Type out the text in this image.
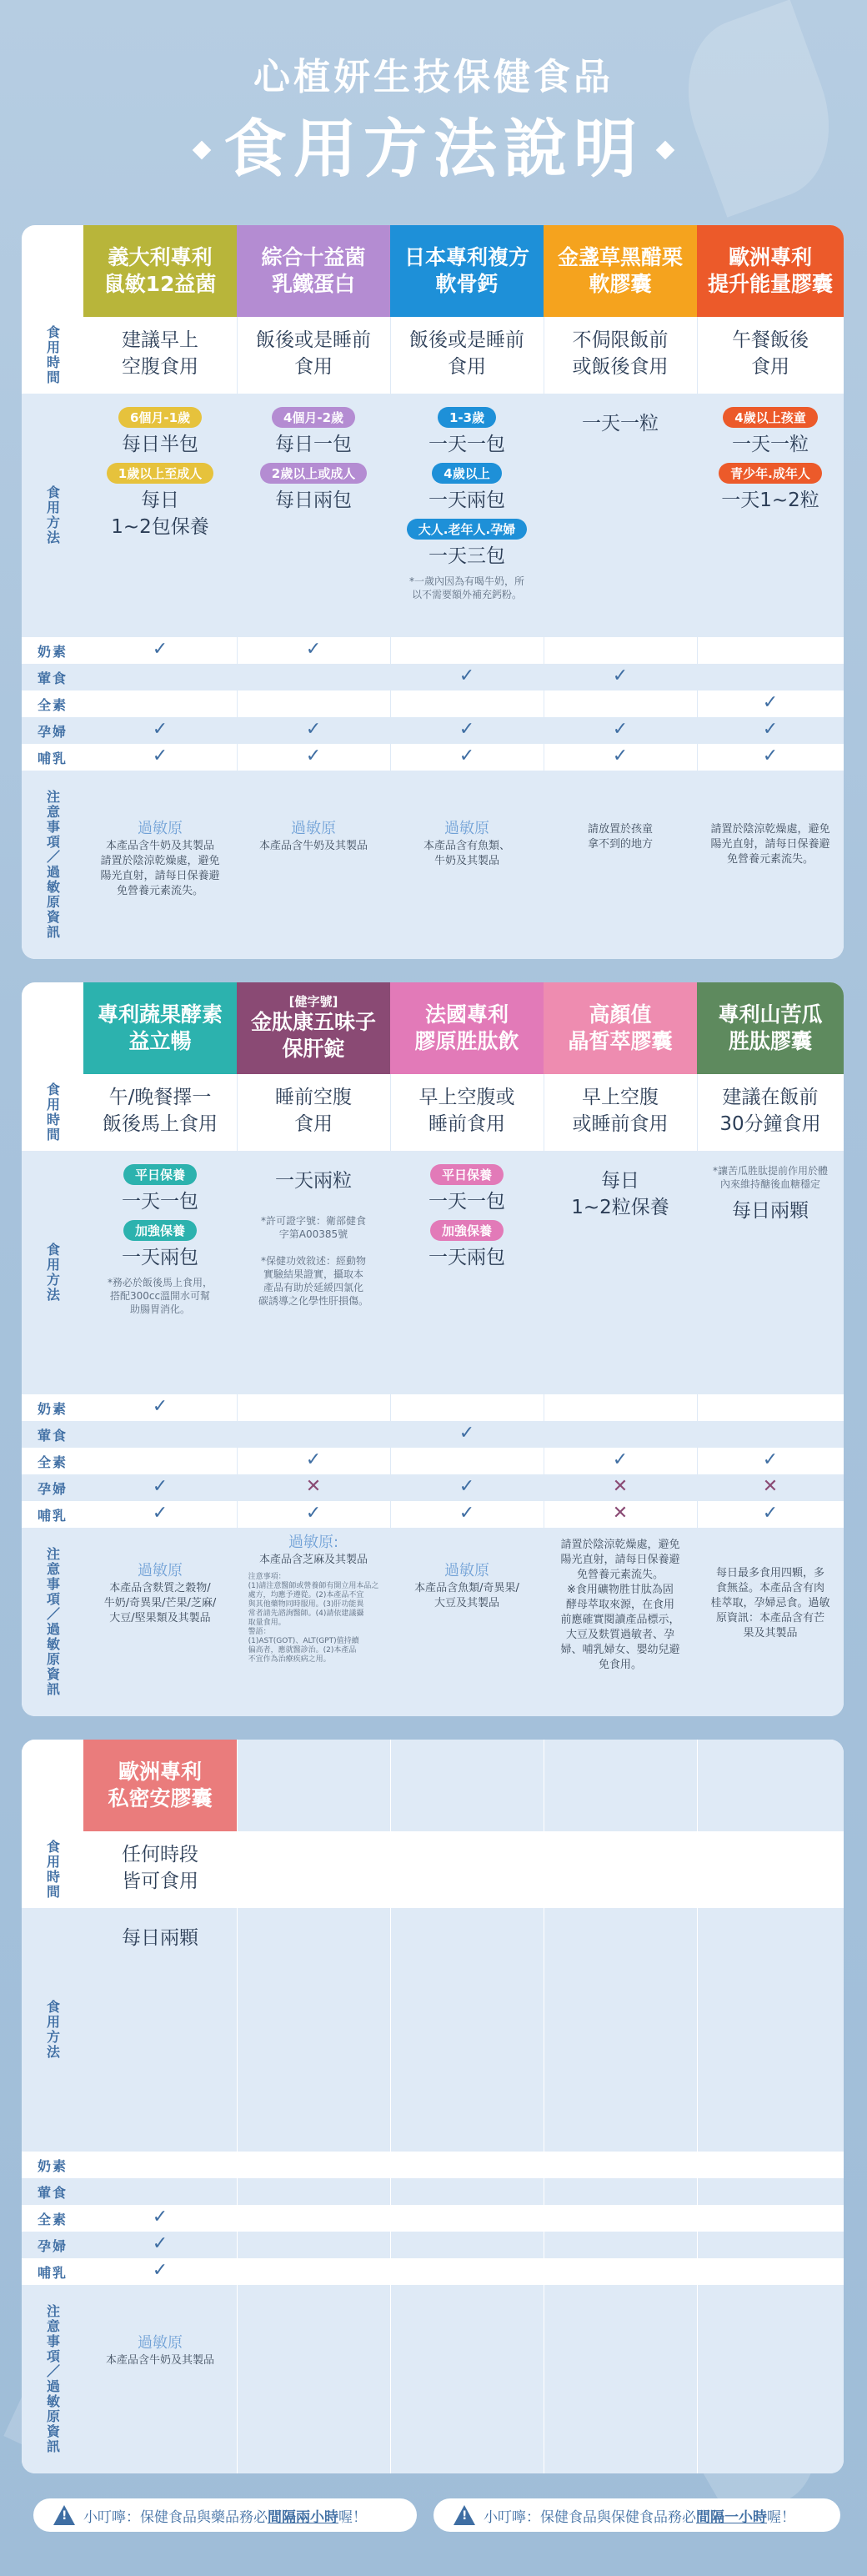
心植妍生技保健食品
食用方法說明
食用時間
食用方法
奶素
葷食
全素
孕婦
哺乳
注意事項／過敏原資訊
義大利專利
鼠敏12益菌
綜合十益菌
乳鐵蛋白
日本專利複方
軟骨鈣
金盞草黑醋栗
軟膠囊
歐洲專利
提升能量膠囊
建議早上
空腹食用
飯後或是睡前
食用
飯後或是睡前
食用
不侷限飯前
或飯後食用
午餐飯後
食用
6個月-1歲
每日半包
1歲以上至成人
每日
1~2包保養
4個月-2歲
每日一包
2歲以上或成人
每日兩包
1-3歲
一天一包
4歲以上
一天兩包
大人.老年人.孕婦
一天三包
*一歲內因為有喝牛奶，所
以不需要額外補充鈣粉。
一天一粒	4歲以上孩童
一天一粒
青少年.成年人
一天1~2粒
✓	✓
✓	✓
✓
✓	✓	✓	✓	✓
✓	✓	✓	✓	✓
過敏原
本產品含牛奶及其製品
請置於陰涼乾燥處，避免
陽光直射，請每日保養避
免營養元素流失。
過敏原
本產品含牛奶及其製品
過敏原
本產品含有魚類、
牛奶及其製品
請放置於孩童
拿不到的地方
請置於陰涼乾燥處，避免
陽光直射，請每日保養避
免營養元素流失。
食用時間
食用方法
奶素
葷食
全素
孕婦
哺乳
注意事項／過敏原資訊
專利蔬果酵素
益立暢
[健字號]
金肽康五味子
保肝錠
法國專利
膠原胜肽飲
高顏值
晶皙萃膠囊
專利山苦瓜
胜肽膠囊
午/晚餐擇一
飯後馬上食用
睡前空腹
食用
早上空腹或
睡前食用
早上空腹
或睡前食用
建議在飯前
30分鐘食用
平日保養
一天一包
加強保養
一天兩包
*務必於飯後馬上食用，
搭配300cc溫開水可幫
助腸胃消化。
一天兩粒
*許可證字號：衛部健食
字第A00385號
*保健功效敘述：經動物
實驗結果證實，攝取本
產品有助於延緩四氯化
碳誘導之化學性肝損傷。
平日保養
一天一包
加強保養
一天兩包
每日
1~2粒保養
*讓苦瓜胜肽提前作用於體
內來維持醣後血糖穩定
每日兩顆
✓
✓
✓	✓	✓
✓	✕	✓	✕	✕
✓	✓	✓	✕	✓
過敏原
本產品含麩質之穀物/
牛奶/奇異果/芒果/芝麻/
大豆/堅果類及其製品
過敏原:
本產品含芝麻及其製品
注意事項：
(1)請注意醫師或營養師有開立用本品之
處方，均應予遵從。(2)本產品不宜
與其他藥物同時服用。(3)肝功能異
常者請先諮詢醫師。(4)請依建議攝
取量食用。
警語：
(1)AST(GOT)、ALT(GPT)值持續
偏高者，應就醫診治。(2)本產品
不宜作為治療疾病之用。
過敏原
本產品含魚類/奇異果/
大豆及其製品
請置於陰涼乾燥處，避免
陽光直射，請每日保養避
免營養元素流失。
※食用礦物胜甘肽為固
酵母萃取來源，在食用
前應確實閱讀產品標示，
大豆及麩質過敏者、孕
婦、哺乳婦女、嬰幼兒避
免食用。
每日最多食用四顆，多
食無益。本產品含有肉
桂萃取，孕婦忌食。過敏
原資訊：本產品含有芒
果及其製品
食用時間
食用方法
奶素
葷食
全素
孕婦
哺乳
注意事項／過敏原資訊
歐洲專利
私密安膠囊
任何時段
皆可食用
每日兩顆
✓
✓
✓
過敏原
本產品含牛奶及其製品
!
小叮嚀：保健食品與藥品務必 間隔兩小時 喔！
!	小叮嚀：保健食品與保健食品務必 間隔一小時 喔！
